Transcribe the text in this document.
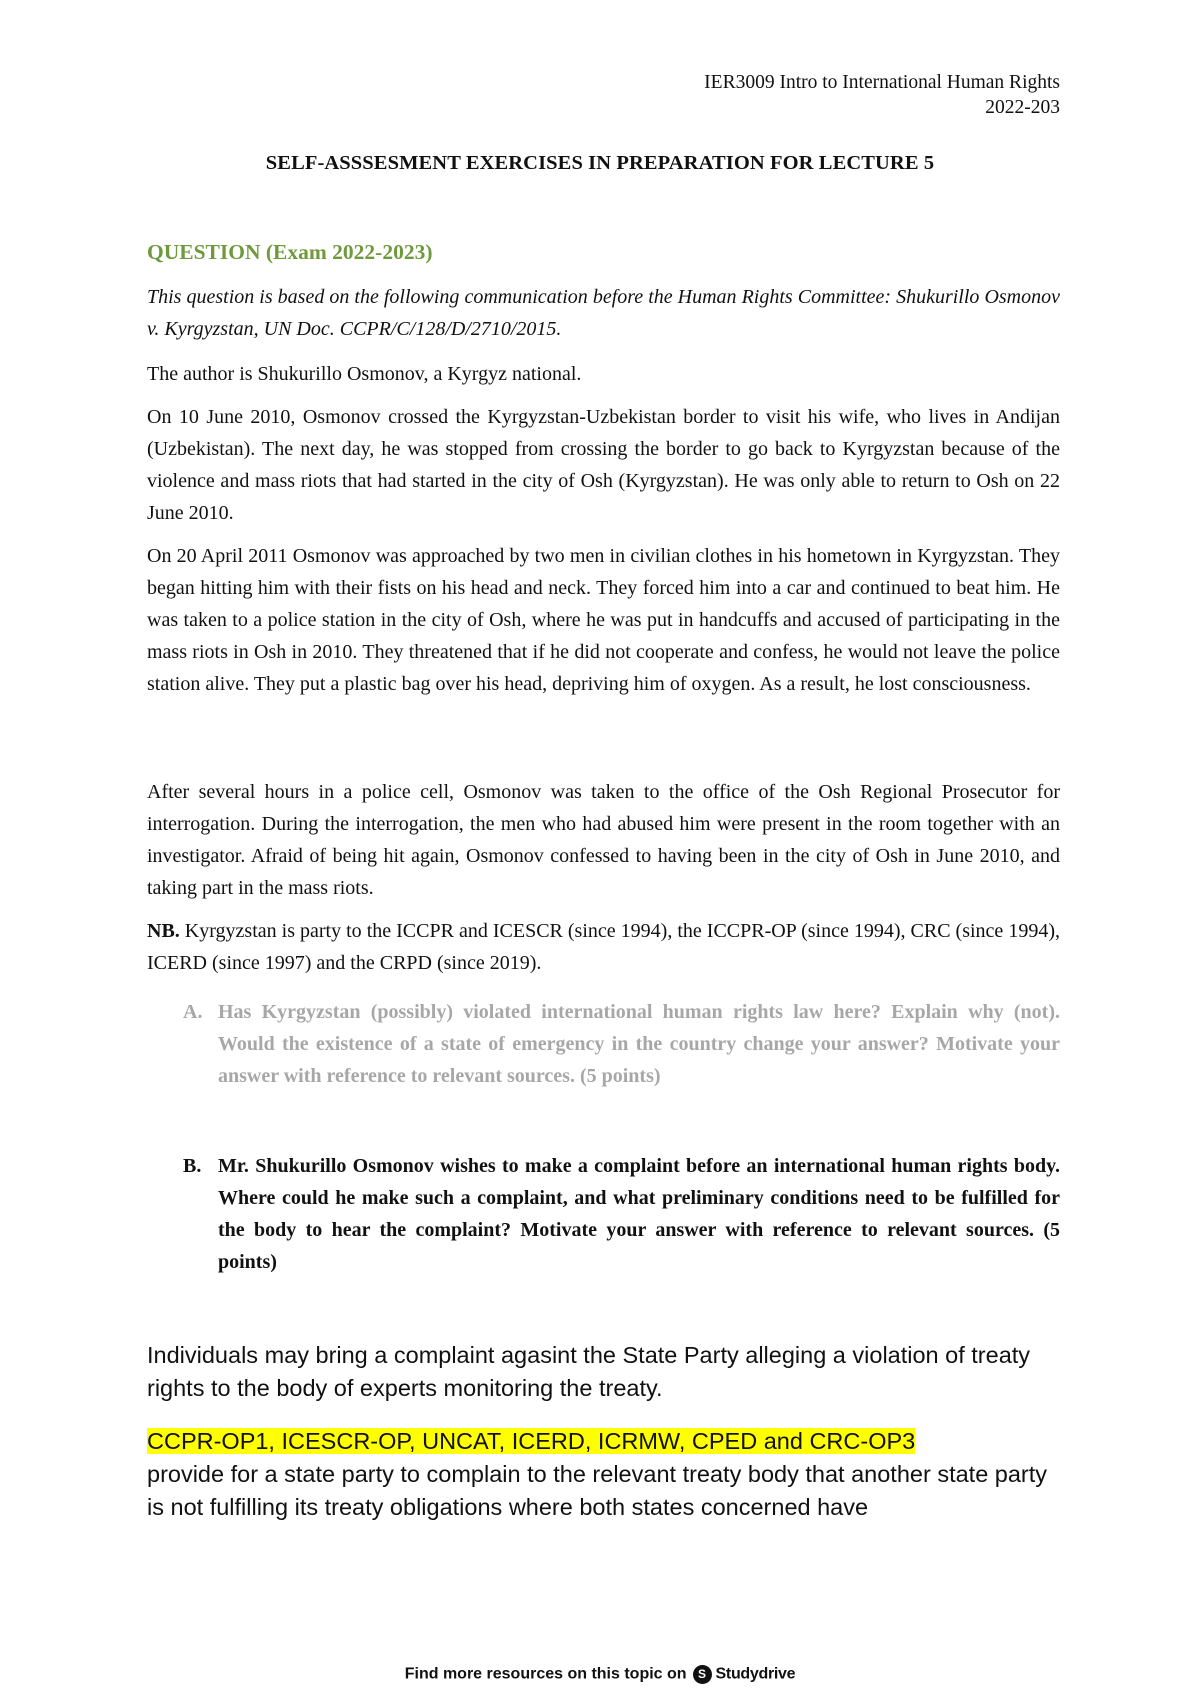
IER3009 Intro to International Human Rights
2022-203
SELF-ASSSESMENT EXERCISES IN PREPARATION FOR LECTURE 5
QUESTION (Exam 2022-2023)
This question is based on the following communication before the Human Rights Committee: Shukurillo Osmonov v. Kyrgyzstan, UN Doc. CCPR/C/128/D/2710/2015.
The author is Shukurillo Osmonov, a Kyrgyz national.
On 10 June 2010, Osmonov crossed the Kyrgyzstan-Uzbekistan border to visit his wife, who lives in Andijan (Uzbekistan). The next day, he was stopped from crossing the border to go back to Kyrgyzstan because of the violence and mass riots that had started in the city of Osh (Kyrgyzstan). He was only able to return to Osh on 22 June 2010.
On 20 April 2011 Osmonov was approached by two men in civilian clothes in his hometown in Kyrgyzstan. They began hitting him with their fists on his head and neck. They forced him into a car and continued to beat him. He was taken to a police station in the city of Osh, where he was put in handcuffs and accused of participating in the mass riots in Osh in 2010. They threatened that if he did not cooperate and confess, he would not leave the police station alive. They put a plastic bag over his head, depriving him of oxygen. As a result, he lost consciousness.
After several hours in a police cell, Osmonov was taken to the office of the Osh Regional Prosecutor for interrogation. During the interrogation, the men who had abused him were present in the room together with an investigator. Afraid of being hit again, Osmonov confessed to having been in the city of Osh in June 2010, and taking part in the mass riots.
NB. Kyrgyzstan is party to the ICCPR and ICESCR (since 1994), the ICCPR-OP (since 1994), CRC (since 1994), ICERD (since 1997) and the CRPD (since 2019).
A. Has Kyrgyzstan (possibly) violated international human rights law here? Explain why (not). Would the existence of a state of emergency in the country change your answer? Motivate your answer with reference to relevant sources. (5 points)
B. Mr. Shukurillo Osmonov wishes to make a complaint before an international human rights body. Where could he make such a complaint, and what preliminary conditions need to be fulfilled for the body to hear the complaint? Motivate your answer with reference to relevant sources. (5 points)
Individuals may bring a complaint agasint the State Party alleging a violation of treaty rights to the body of experts monitoring the treaty.
CCPR-OP1, ICESCR-OP, UNCAT, ICERD, ICRMW, CPED and CRC-OP3
provide for a state party to complain to the relevant treaty body that another state party is not fulfilling its treaty obligations where both states concerned have
Find more resources on this topic on S Studydrive
